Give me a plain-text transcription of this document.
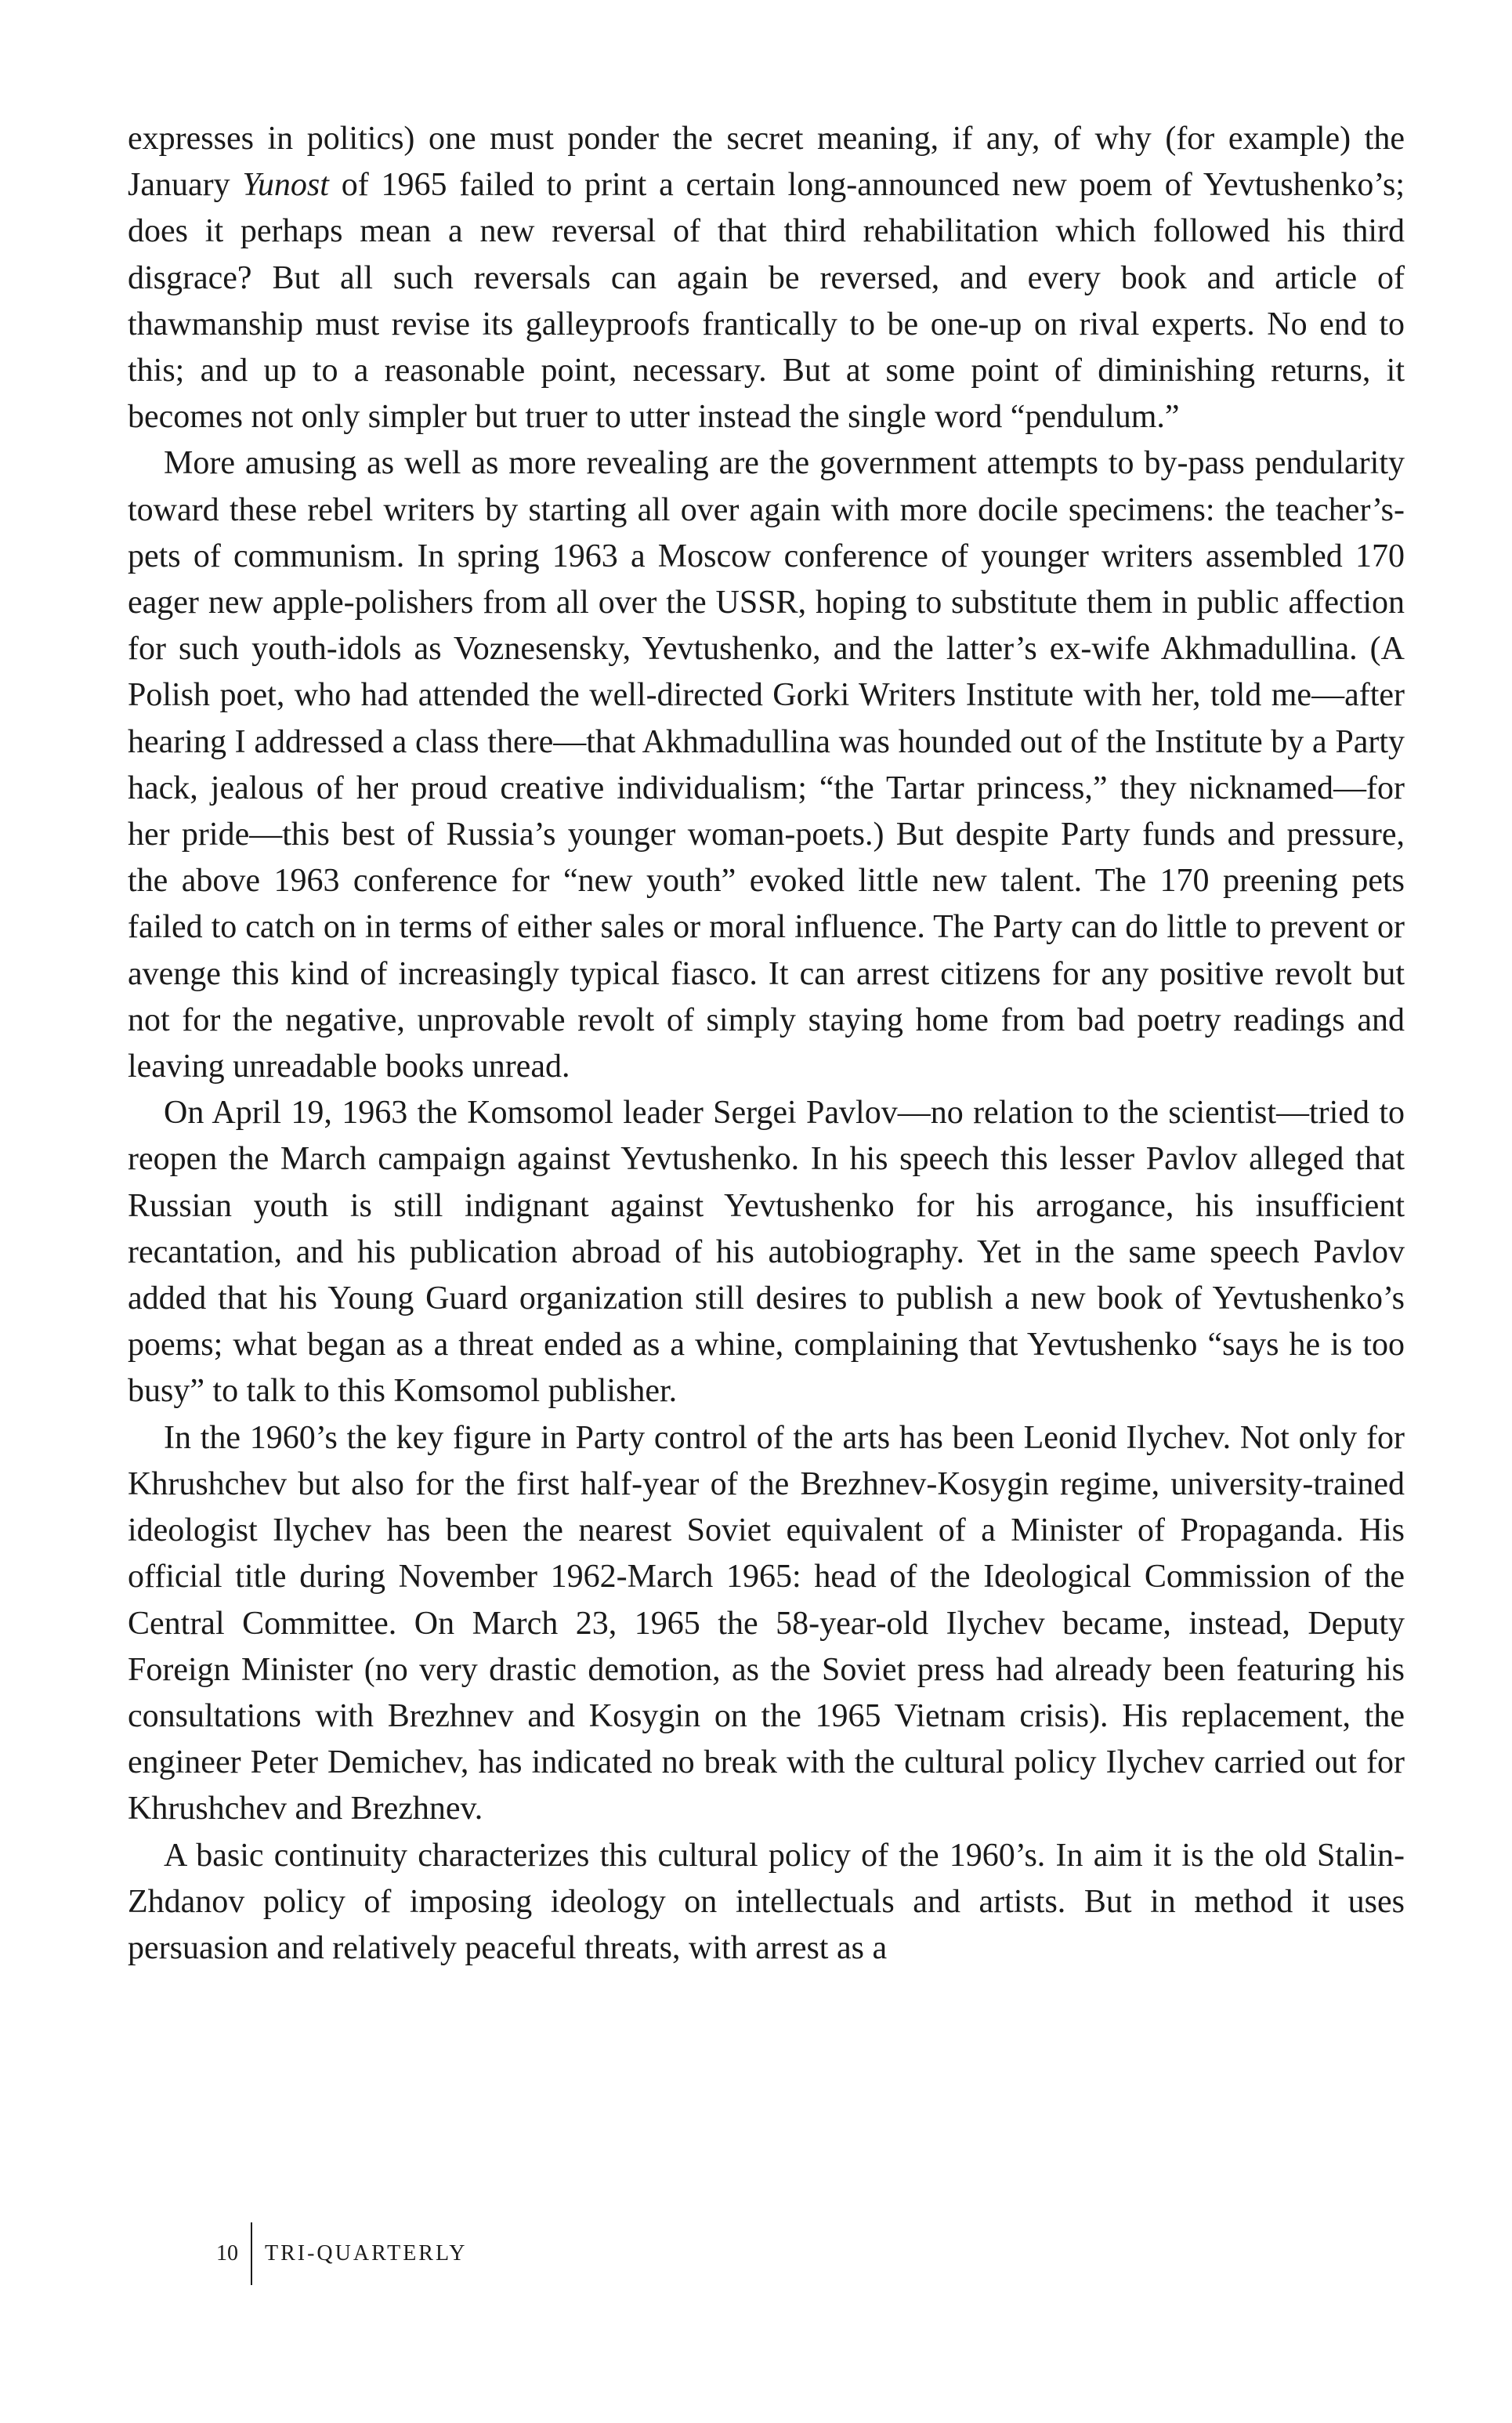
expresses in politics) one must ponder the secret meaning, if any, of why (for example) the January Yunost of 1965 failed to print a certain long-announced new poem of Yevtushenko’s; does it perhaps mean a new reversal of that third rehabilitation which followed his third disgrace? But all such reversals can again be reversed, and every book and article of thawmanship must revise its galleyproofs frantically to be one-up on rival experts. No end to this; and up to a reasonable point, necessary. But at some point of diminishing returns, it becomes not only simpler but truer to utter instead the single word “pendulum.”

More amusing as well as more revealing are the government attempts to by-pass pendularity toward these rebel writers by starting all over again with more docile specimens: the teacher’s-pets of communism. In spring 1963 a Moscow conference of younger writers assembled 170 eager new apple-polishers from all over the USSR, hoping to substitute them in public affection for such youth-idols as Voznesensky, Yevtushenko, and the latter’s ex-wife Akhmadullina. (A Polish poet, who had attended the well-directed Gorki Writers Institute with her, told me—after hearing I addressed a class there—that Akhmadullina was hounded out of the Institute by a Party hack, jealous of her proud creative individualism; “the Tartar princess,” they nicknamed—for her pride—this best of Russia’s younger woman-poets.) But despite Party funds and pressure, the above 1963 conference for “new youth” evoked little new talent. The 170 preening pets failed to catch on in terms of either sales or moral influence. The Party can do little to prevent or avenge this kind of increasingly typical fiasco. It can arrest citizens for any positive revolt but not for the negative, unprovable revolt of simply staying home from bad poetry readings and leaving unreadable books unread.

On April 19, 1963 the Komsomol leader Sergei Pavlov—no relation to the scientist—tried to reopen the March campaign against Yevtushenko. In his speech this lesser Pavlov alleged that Russian youth is still indignant against Yevtushenko for his arrogance, his insufficient recantation, and his publication abroad of his autobiography. Yet in the same speech Pavlov added that his Young Guard organization still desires to publish a new book of Yevtushenko’s poems; what began as a threat ended as a whine, complaining that Yevtushenko “says he is too busy” to talk to this Komsomol publisher.

In the 1960’s the key figure in Party control of the arts has been Leonid Ilychev. Not only for Khrushchev but also for the first half-year of the Brezhnev-Kosygin regime, university-trained ideologist Ilychev has been the nearest Soviet equivalent of a Minister of Propaganda. His official title during November 1962-March 1965: head of the Ideological Commission of the Central Committee. On March 23, 1965 the 58-year-old Ilychev became, instead, Deputy Foreign Minister (no very drastic demotion, as the Soviet press had already been featuring his consultations with Brezhnev and Kosygin on the 1965 Vietnam crisis). His replacement, the engineer Peter Demichev, has indicated no break with the cultural policy Ilychev carried out for Khrushchev and Brezhnev.

A basic continuity characterizes this cultural policy of the 1960’s. In aim it is the old Stalin-Zhdanov policy of imposing ideology on intellectuals and artists. But in method it uses persuasion and relatively peaceful threats, with arrest as a

10	TRI-QUARTERLY
